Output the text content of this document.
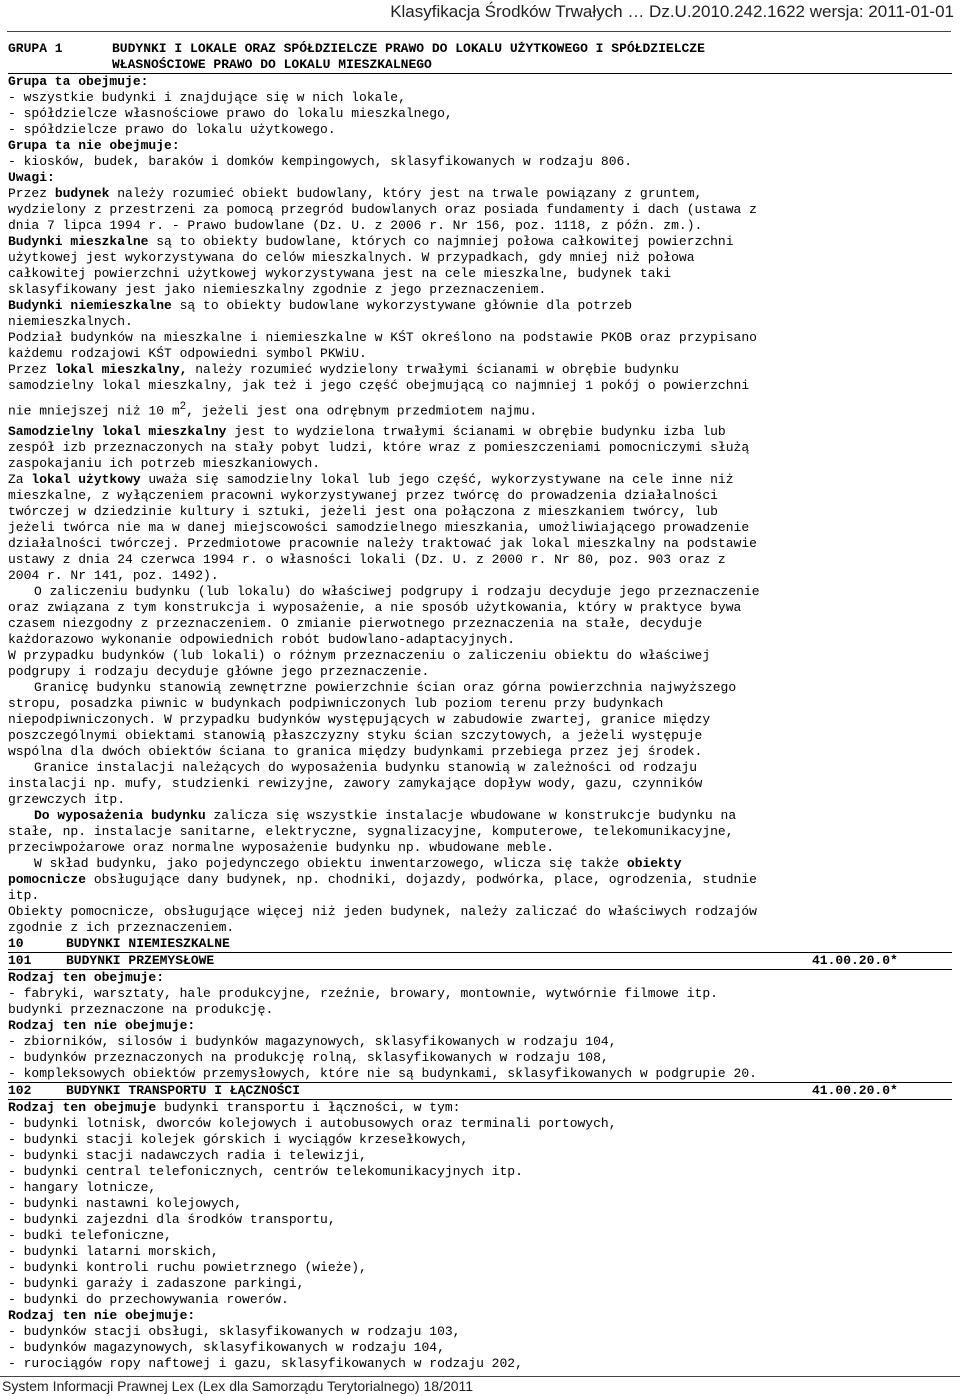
Klasyfikacja Środków Trwałych … Dz.U.2010.242.1622 wersja: 2011-01-01
GRUPA 1	BUDYNKI I LOKALE ORAZ SPÓŁDZIELCZE PRAWO DO LOKALU UŻYTKOWEGO I SPÓŁDZIELCZE

WŁASNOŚCIOWE PRAWO DO LOKALU MIESZKALNEGO

Grupa ta obejmuje:

- wszystkie budynki i znajdujące się w nich lokale,

- spółdzielcze własnościowe prawo do lokalu mieszkalnego,

- spółdzielcze prawo do lokalu użytkowego.

Grupa ta nie obejmuje:

- kiosków, budek, baraków i domków kempingowych, sklasyfikowanych w rodzaju 806.

Uwagi:

Przez budynek należy rozumieć obiekt budowlany, który jest na trwale powiązany z gruntem,

wydzielony z przestrzeni za pomocą przegród budowlanych oraz posiada fundamenty i dach (ustawa z

dnia 7 lipca 1994 r. - Prawo budowlane (Dz. U. z 2006 r. Nr 156, poz. 1118, z późn. zm.).

Budynki mieszkalne są to obiekty budowlane, których co najmniej połowa całkowitej powierzchni

użytkowej jest wykorzystywana do celów mieszkalnych. W przypadkach, gdy mniej niż połowa

całkowitej powierzchni użytkowej wykorzystywana jest na cele mieszkalne, budynek taki

sklasyfikowany jest jako niemieszkalny zgodnie z jego przeznaczeniem.

Budynki niemieszkalne są to obiekty budowlane wykorzystywane głównie dla potrzeb

niemieszkalnych.

Podział budynków na mieszkalne i niemieszkalne w KŚT określono na podstawie PKOB oraz przypisano

każdemu rodzajowi KŚT odpowiedni symbol PKWiU.

Przez lokal mieszkalny, należy rozumieć wydzielony trwałymi ścianami w obrębie budynku

samodzielny lokal mieszkalny, jak też i jego część obejmującą co najmniej 1 pokój o powierzchni

nie mniejszej niż 10 $m^2$, jeżeli jest ona odrębnym przedmiotem najmu.

Samodzielny lokal mieszkalny jest to wydzielona trwałymi ścianami w obrębie budynku izba lub

zespół izb przeznaczonych na stały pobyt ludzi, które wraz z pomieszczeniami pomocniczymi służą

zaspokajaniu ich potrzeb mieszkaniowych.

Za lokal użytkowy uważa się samodzielny lokal lub jego część, wykorzystywane na cele inne niż

mieszkalne, z wyłączeniem pracowni wykorzystywanej przez twórcę do prowadzenia działalności

twórczej w dziedzinie kultury i sztuki, jeżeli jest ona połączona z mieszkaniem twórcy, lub

jeżeli twórca nie ma w danej miejscowości samodzielnego mieszkania, umożliwiającego prowadzenie

działalności twórczej. Przedmiotowe pracownie należy traktować jak lokal mieszkalny na podstawie

ustawy z dnia 24 czerwca 1994 r. o własności lokali (Dz. U. z 2000 r. Nr 80, poz. 903 oraz z

2004 r. Nr 141, poz. 1492).

O zaliczeniu budynku (lub lokalu) do właściwej podgrupy i rodzaju decyduje jego przeznaczenie

oraz związana z tym konstrukcja i wyposażenie, a nie sposób użytkowania, który w praktyce bywa

czasem niezgodny z przeznaczeniem. O zmianie pierwotnego przeznaczenia na stałe, decyduje

każdorazowo wykonanie odpowiednich robót budowlano-adaptacyjnych.

W przypadku budynków (lub lokali) o różnym przeznaczeniu o zaliczeniu obiektu do właściwej

podgrupy i rodzaju decyduje główne jego przeznaczenie.

Granicę budynku stanowią zewnętrzne powierzchnie ścian oraz górna powierzchnia najwyższego

stropu, posadzka piwnic w budynkach podpiwniczonych lub poziom terenu przy budynkach

niepodpiwniczonych. W przypadku budynków występujących w zabudowie zwartej, granice między

poszczególnymi obiektami stanowią płaszczyzny styku ścian szczytowych, a jeżeli występuje

wspólna dla dwóch obiektów ściana to granica między budynkami przebiega przez jej środek.

Granice instalacji należących do wyposażenia budynku stanowią w zależności od rodzaju

instalacji np. mufy, studzienki rewizyjne, zawory zamykające dopływ wody, gazu, czynników

grzewczych itp.

Do wyposażenia budynku zalicza się wszystkie instalacje wbudowane w konstrukcje budynku na

stałe, np. instalacje sanitarne, elektryczne, sygnalizacyjne, komputerowe, telekomunikacyjne,

przeciwpożarowe oraz normalne wyposażenie budynku np. wbudowane meble.

W skład budynku, jako pojedynczego obiektu inwentarzowego, wlicza się także obiekty

pomocnicze obsługujące dany budynek, np. chodniki, dojazdy, podwórka, place, ogrodzenia, studnie

itp.

Obiekty pomocnicze, obsługujące więcej niż jeden budynek, należy zaliczać do właściwych rodzajów

zgodnie z ich przeznaczeniem.

10	BUDYNKI NIEMIESZKALNE
101	BUDYNKI PRZEMYSŁOWE	41.00.20.0*

Rodzaj ten obejmuje:

- fabryki, warsztaty, hale produkcyjne, rzeźnie, browary, montownie, wytwórnie filmowe itp.

budynki przeznaczone na produkcję.

Rodzaj ten nie obejmuje:

- zbiorników, silosów i budynków magazynowych, sklasyfikowanych w rodzaju 104,

- budynków przeznaczonych na produkcję rolną, sklasyfikowanych w rodzaju 108,

- kompleksowych obiektów przemysłowych, które nie są budynkami, sklasyfikowanych w podgrupie 20.

102	BUDYNKI TRANSPORTU I ŁĄCZNOŚCI	41.00.20.0*

Rodzaj ten obejmuje budynki transportu i łączności, w tym:

- budynki lotnisk, dworców kolejowych i autobusowych oraz terminali portowych,

- budynki stacji kolejek górskich i wyciągów krzesełkowych,

- budynki stacji nadawczych radia i telewizji,

- budynki central telefonicznych, centrów telekomunikacyjnych itp.

- hangary lotnicze,

- budynki nastawni kolejowych,

- budynki zajezdni dla środków transportu,

- budki telefoniczne,

- budynki latarni morskich,

- budynki kontroli ruchu powietrznego (wieże),

- budynki garaży i zadaszone parkingi,

- budynki do przechowywania rowerów.

Rodzaj ten nie obejmuje:

- budynków stacji obsługi, sklasyfikowanych w rodzaju 103,

- budynków magazynowych, sklasyfikowanych w rodzaju 104,

- rurociągów ropy naftowej i gazu, sklasyfikowanych w rodzaju 202,

System Informacji Prawnej Lex (Lex dla Samorządu Terytorialnego) 18/2011
